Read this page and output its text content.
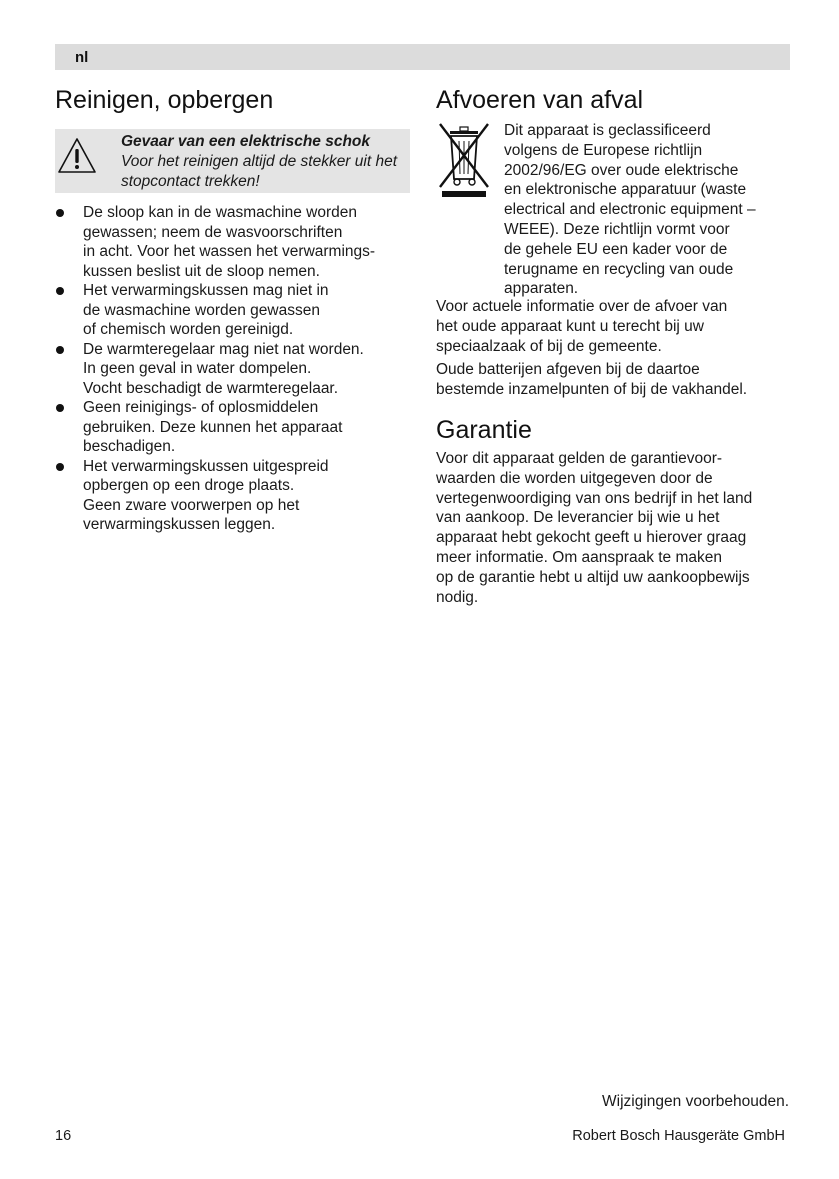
nl
Reinigen, opbergen
Gevaar van een elektrische schok
Voor het reinigen altijd de stekker uit het stopcontact trekken!
De sloop kan in de wasmachine worden
gewassen; neem de wasvoorschriften
in acht. Voor het wassen het verwarmings-
kussen beslist uit de sloop nemen.
Het verwarmingskussen mag niet in
de wasmachine worden gewassen
of chemisch worden gereinigd.
De warmteregelaar mag niet nat worden.
In geen geval in water dompelen.
Vocht beschadigt de warmteregelaar.
Geen reinigings- of oplosmiddelen
gebruiken. Deze kunnen het apparaat
beschadigen.
Het verwarmingskussen uitgespreid
opbergen op een droge plaats.
Geen zware voorwerpen op het
verwarmingskussen leggen.
Afvoeren van afval
Dit apparaat is geclassificeerd
volgens de Europese richtlijn
2002/96/EG over oude elektrische
en elektronische apparatuur (waste
electrical and electronic equipment –
WEEE). Deze richtlijn vormt voor
de gehele EU een kader voor de
terugname en recycling van oude
apparaten.

Voor actuele informatie over de afvoer van
het oude apparaat kunt u terecht bij uw
speciaalzaak of bij de gemeente.

Oude batterijen afgeven bij de daartoe
bestemde inzamelpunten of bij de vakhandel.

Garantie

Voor dit apparaat gelden de garantievoor-
waarden die worden uitgegeven door de
vertegenwoordiging van ons bedrijf in het land
van aankoop. De leverancier bij wie u het
apparaat hebt gekocht geeft u hierover graag
meer informatie. Om aanspraak te maken
op de garantie hebt u altijd uw aankoopbewijs
nodig.

Wijzigingen voorbehouden.
16	Robert Bosch Hausgeräte GmbH
